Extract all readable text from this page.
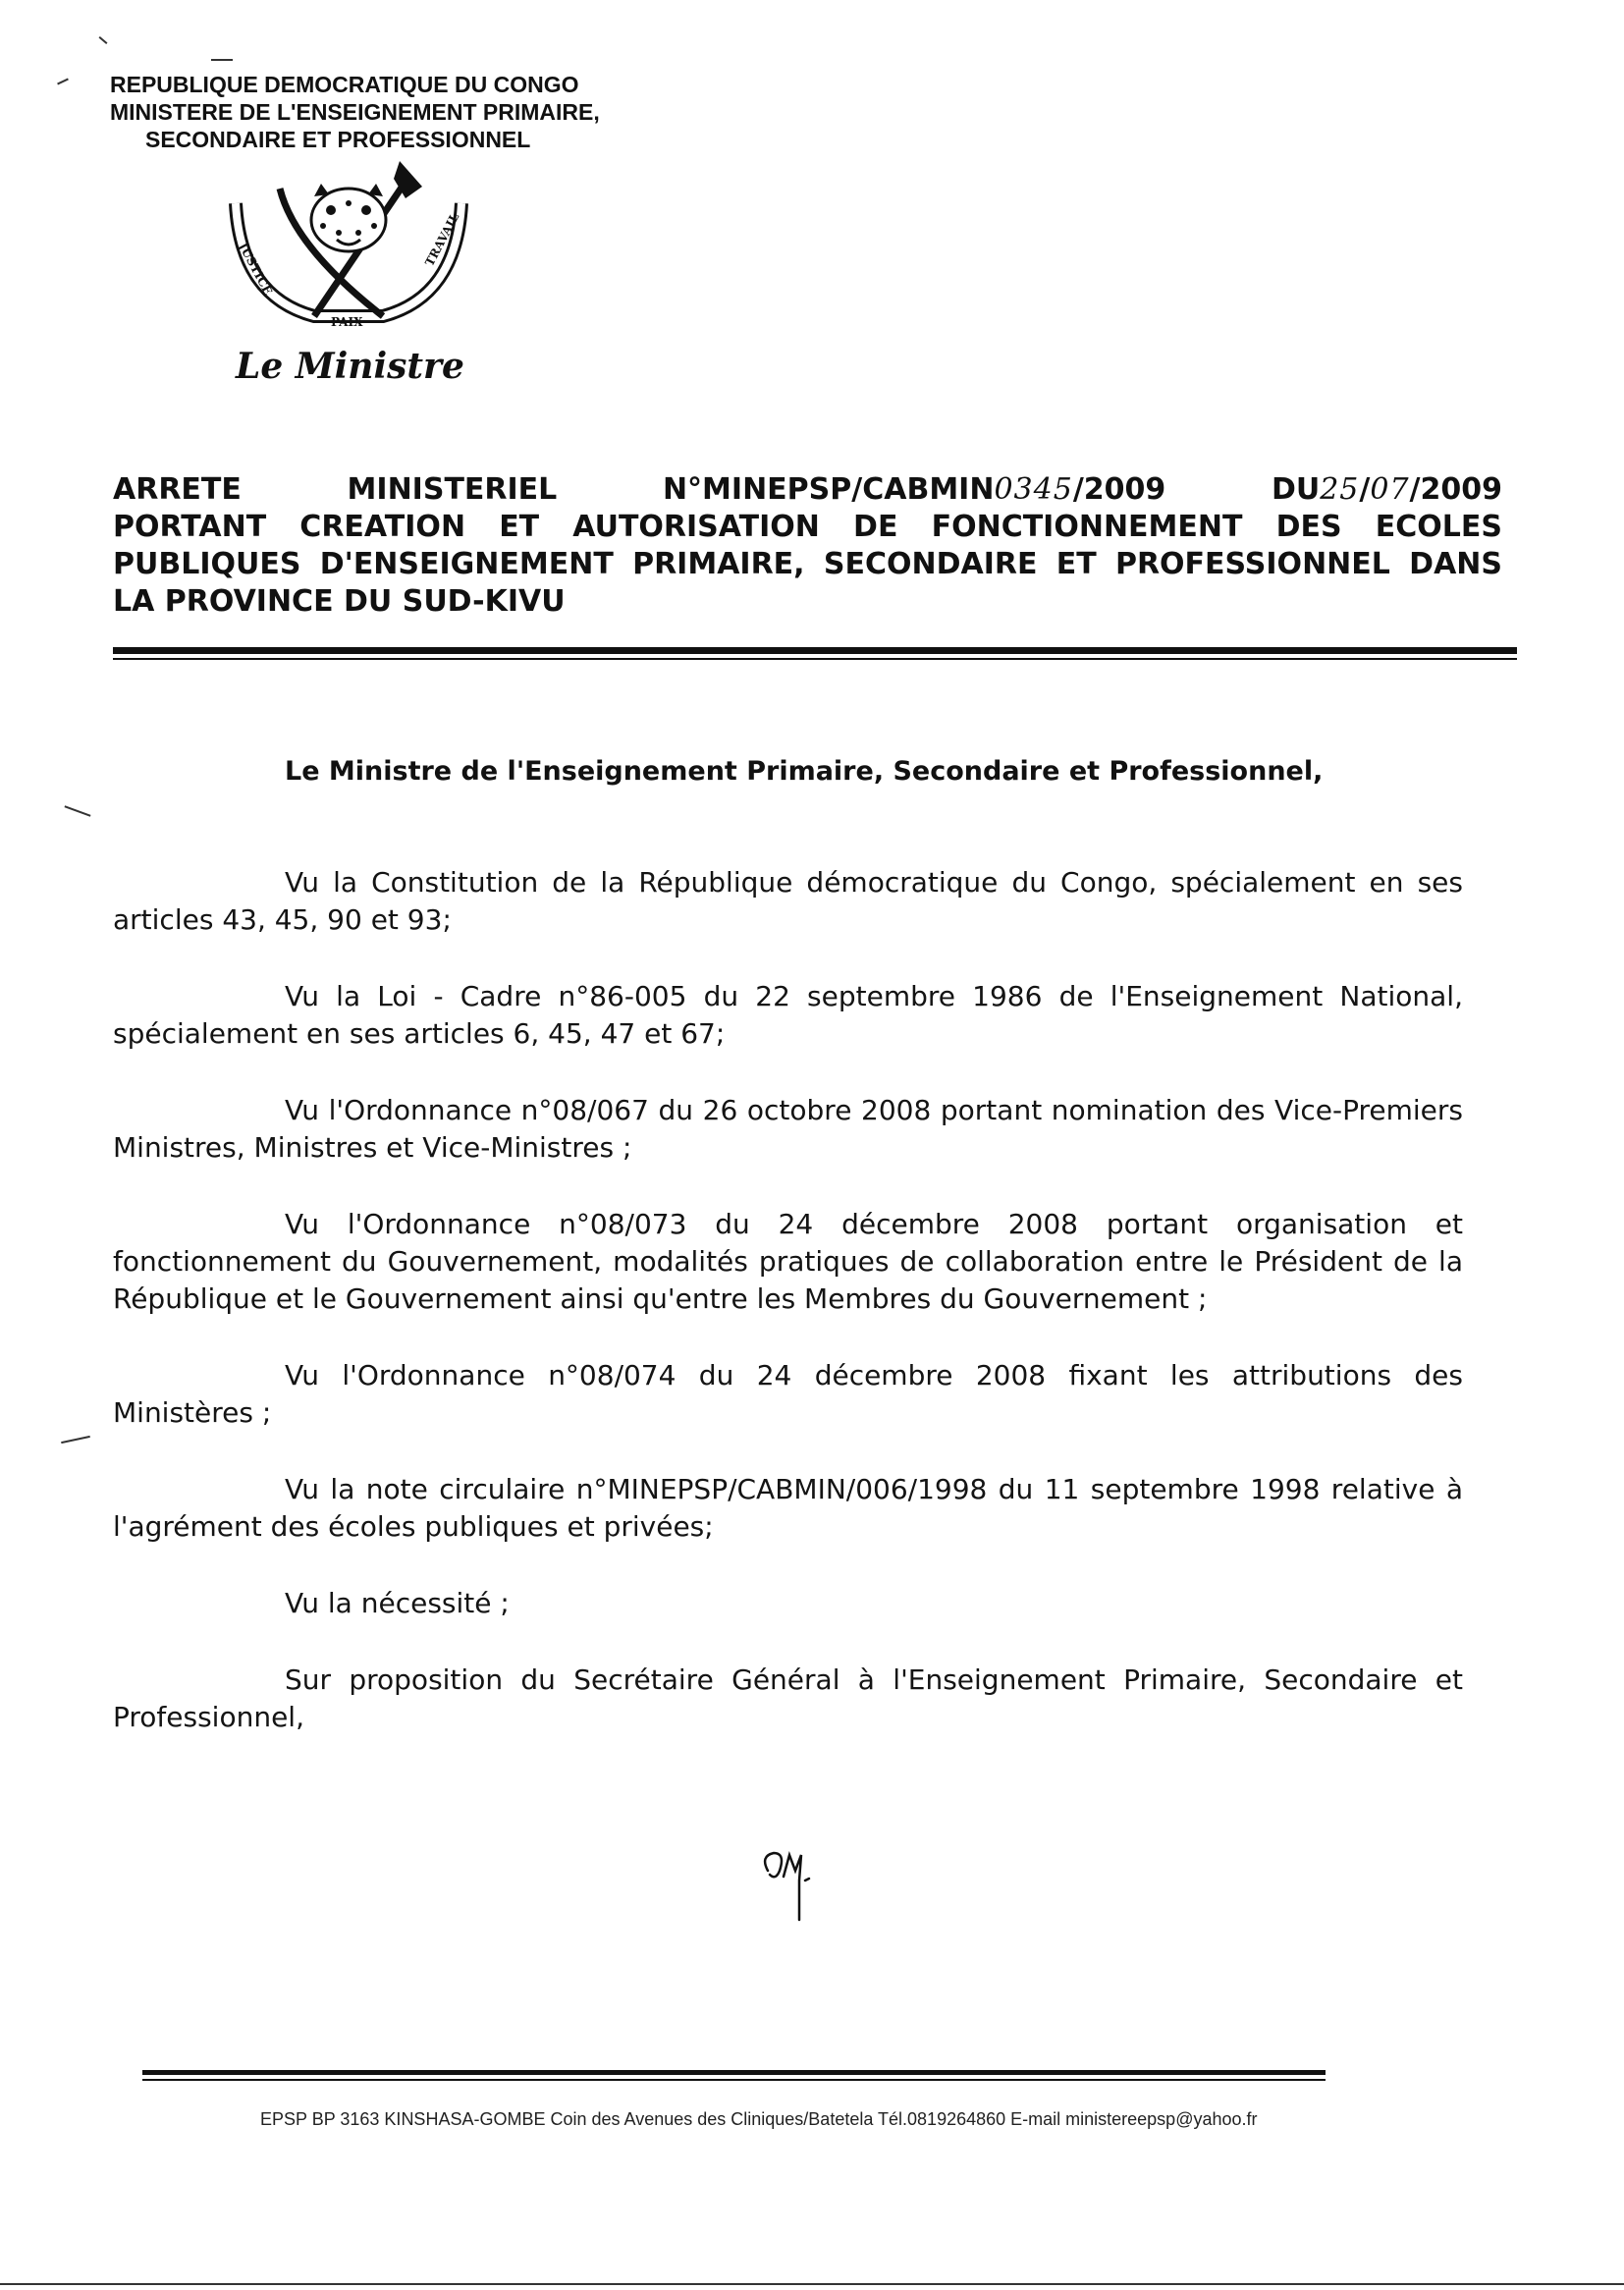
REPUBLIQUE DEMOCRATIQUE DU CONGO
MINISTERE DE L'ENSEIGNEMENT PRIMAIRE,
SECONDAIRE ET PROFESSIONNEL
JUSTICE
PAIX
TRAVAIL
Le Ministre
ARRETE	MINISTERIEL	N°MINEPSP/CABMIN0345/2009	DU25/07/2009
PORTANT CREATION ET AUTORISATION DE FONCTIONNEMENT DES ECOLES
PUBLIQUES D'ENSEIGNEMENT PRIMAIRE, SECONDAIRE ET PROFESSIONNEL DANS
LA PROVINCE DU SUD-KIVU
Le Ministre de l'Enseignement Primaire, Secondaire et Professionnel,

Vu la Constitution de la République démocratique du Congo, spécialement en ses articles 43, 45, 90 et 93;

Vu la Loi - Cadre n°86-005 du 22 septembre 1986 de l'Enseignement National, spécialement en ses articles 6, 45, 47 et 67;

Vu l'Ordonnance n°08/067 du 26 octobre 2008 portant nomination des Vice-Premiers Ministres, Ministres et Vice-Ministres ;

Vu l'Ordonnance n°08/073 du 24 décembre 2008 portant organisation et fonctionnement du Gouvernement, modalités pratiques de collaboration entre le Président de la République et le Gouvernement ainsi qu'entre les Membres du Gouvernement ;

Vu l'Ordonnance n°08/074 du 24 décembre 2008 fixant les attributions des Ministères ;

Vu la note circulaire n°MINEPSP/CABMIN/006/1998 du 11 septembre 1998 relative à l'agrément des écoles publiques et privées;

Vu la nécessité ;

Sur proposition du Secrétaire Général à l'Enseignement Primaire, Secondaire et Professionnel,

EPSP BP 3163 KINSHASA-GOMBE Coin des Avenues des Cliniques/Batetela Tél.0819264860 E-mail ministereepsp@yahoo.fr
